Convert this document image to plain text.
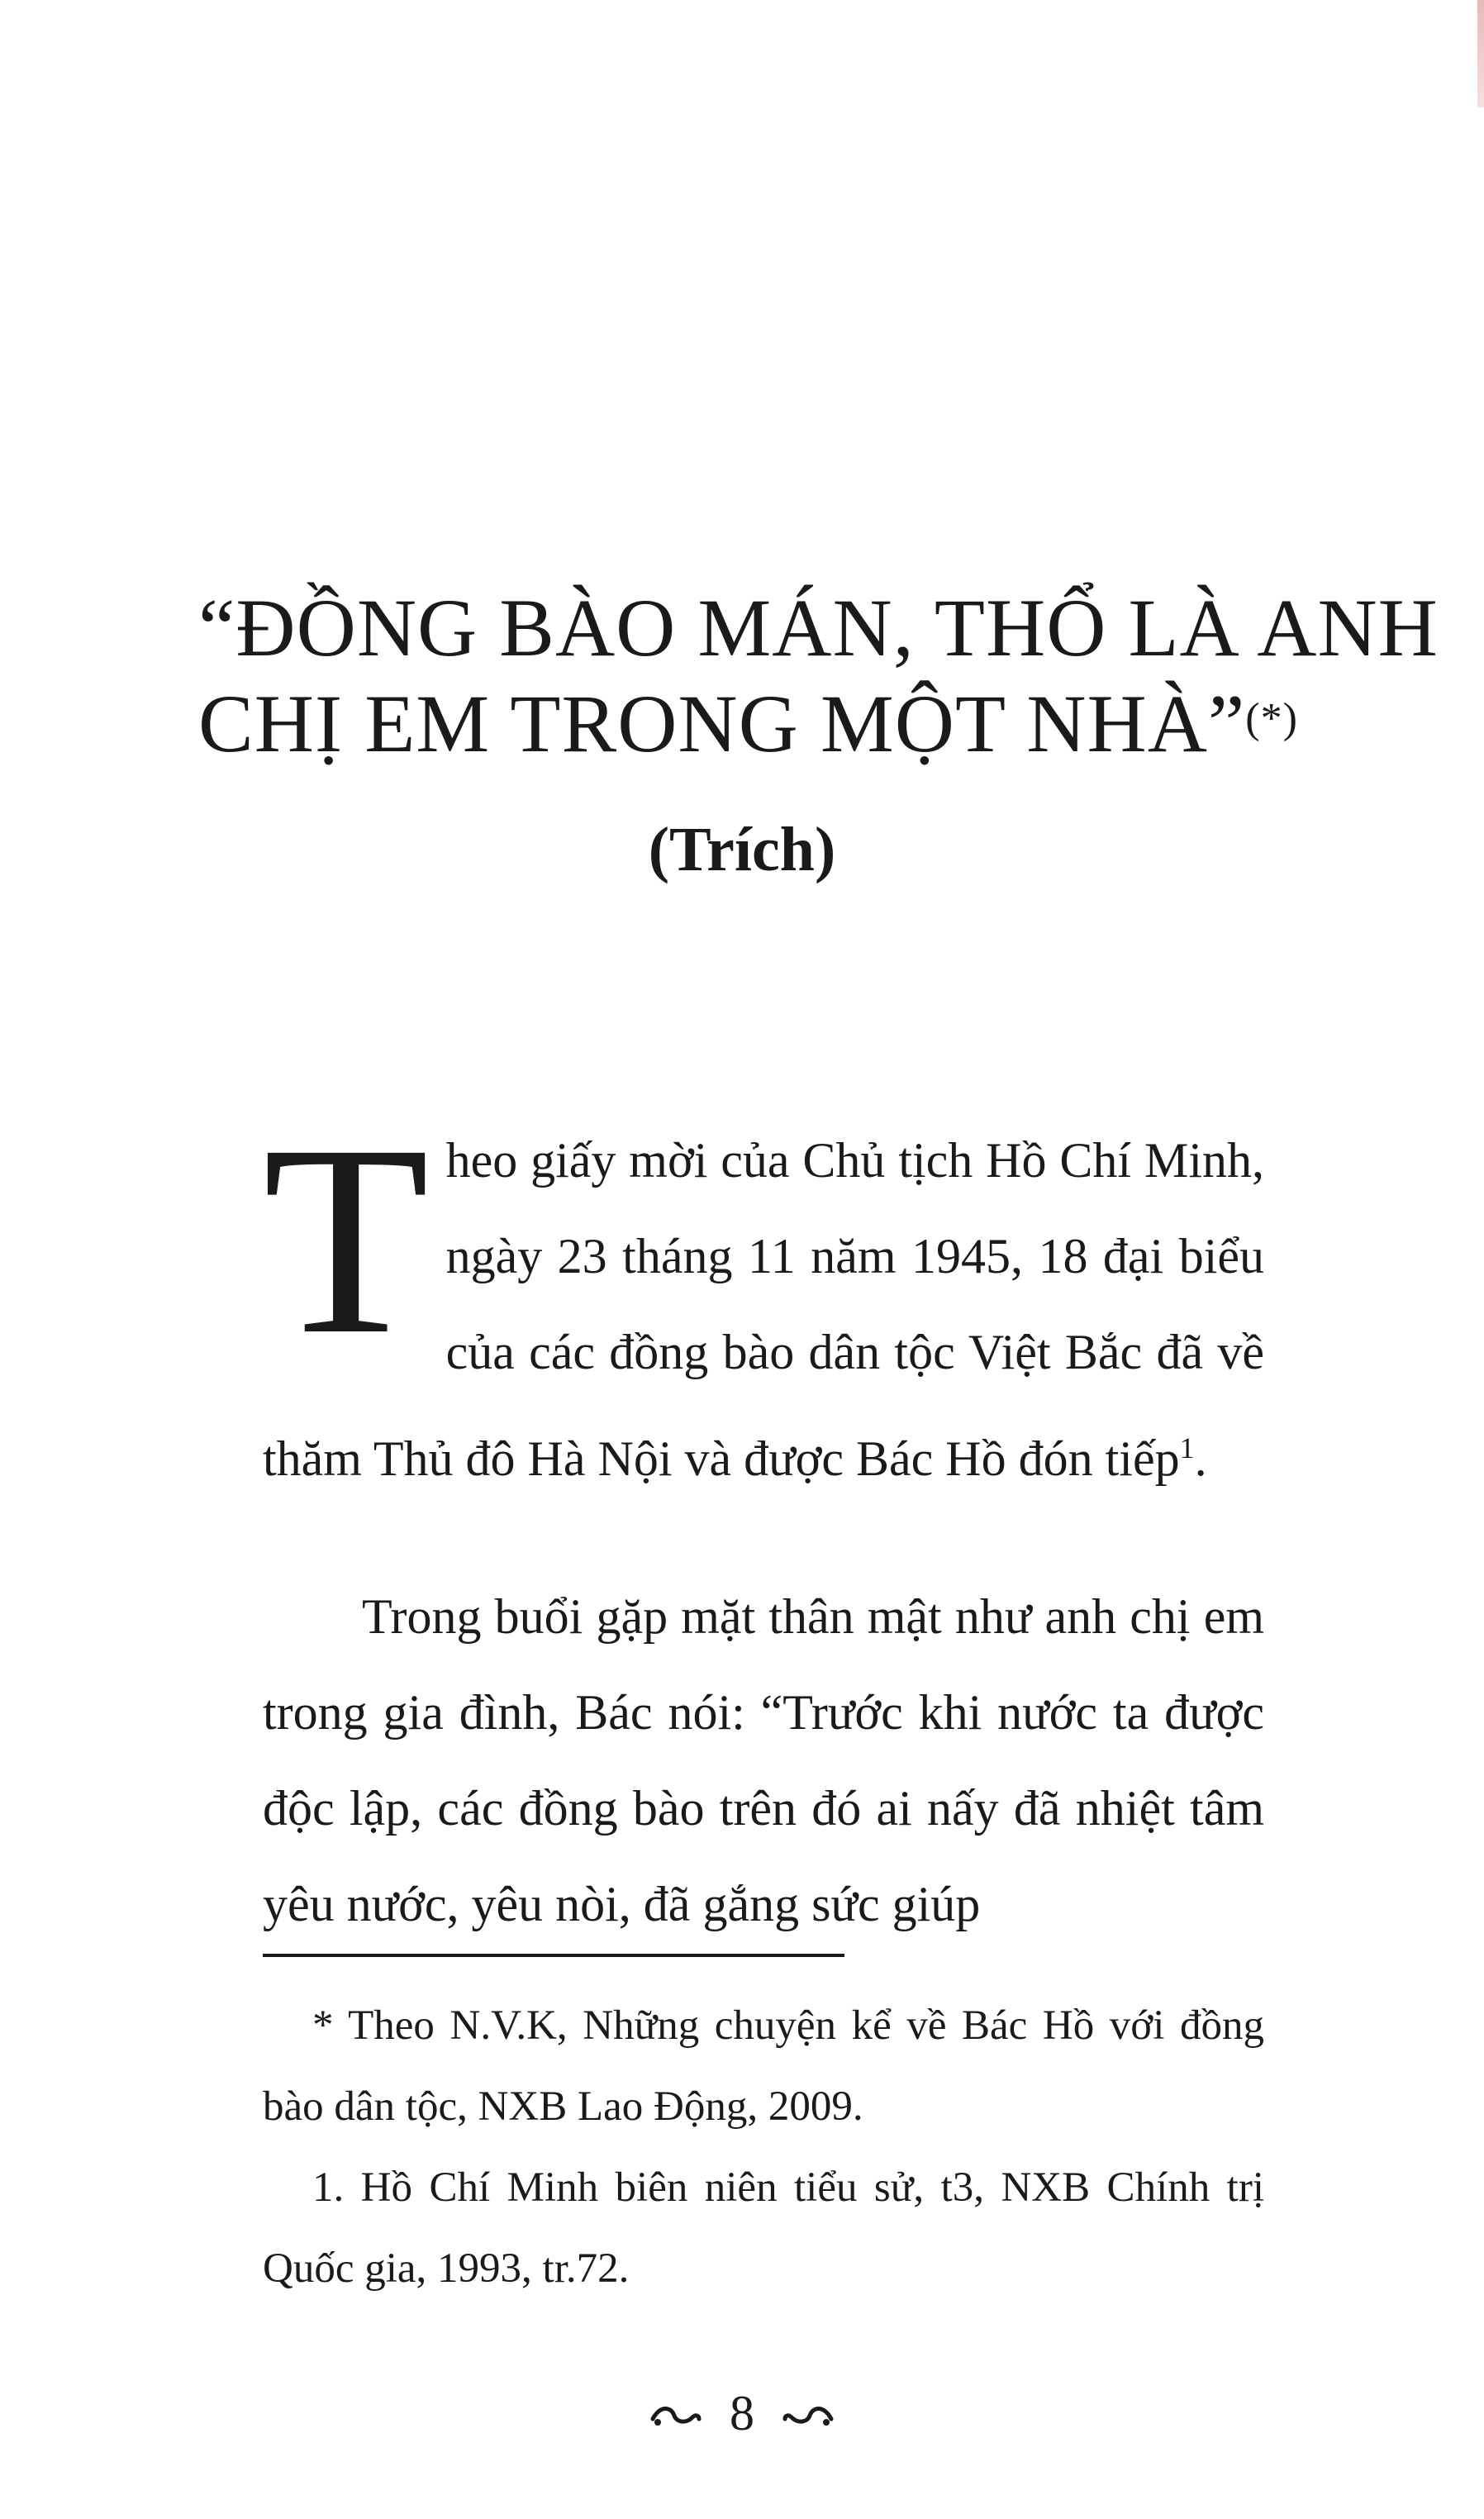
“ĐỒNG BÀO MÁN, THỔ LÀ ANH
CHỊ EM TRONG MỘT NHÀ”(*)
(Trích)

Theo giấy mời của Chủ tịch Hồ Chí Minh, ngày 23 tháng 11 năm 1945, 18 đại biểu của các đồng bào dân tộc Việt Bắc đã về thăm Thủ đô Hà Nội và được Bác Hồ đón tiếp$^1$.

Trong buổi gặp mặt thân mật như anh chị em trong gia đình, Bác nói: “Trước khi nước ta được độc lập, các đồng bào trên đó ai nấy đã nhiệt tâm yêu nước, yêu nòi, đã gắng sức giúp

* Theo N.V.K, Những chuyện kể về Bác Hồ với đồng bào dân tộc, NXB Lao Động, 2009.

1. Hồ Chí Minh biên niên tiểu sử, t3, NXB Chính trị Quốc gia, 1993, tr.72.

8
